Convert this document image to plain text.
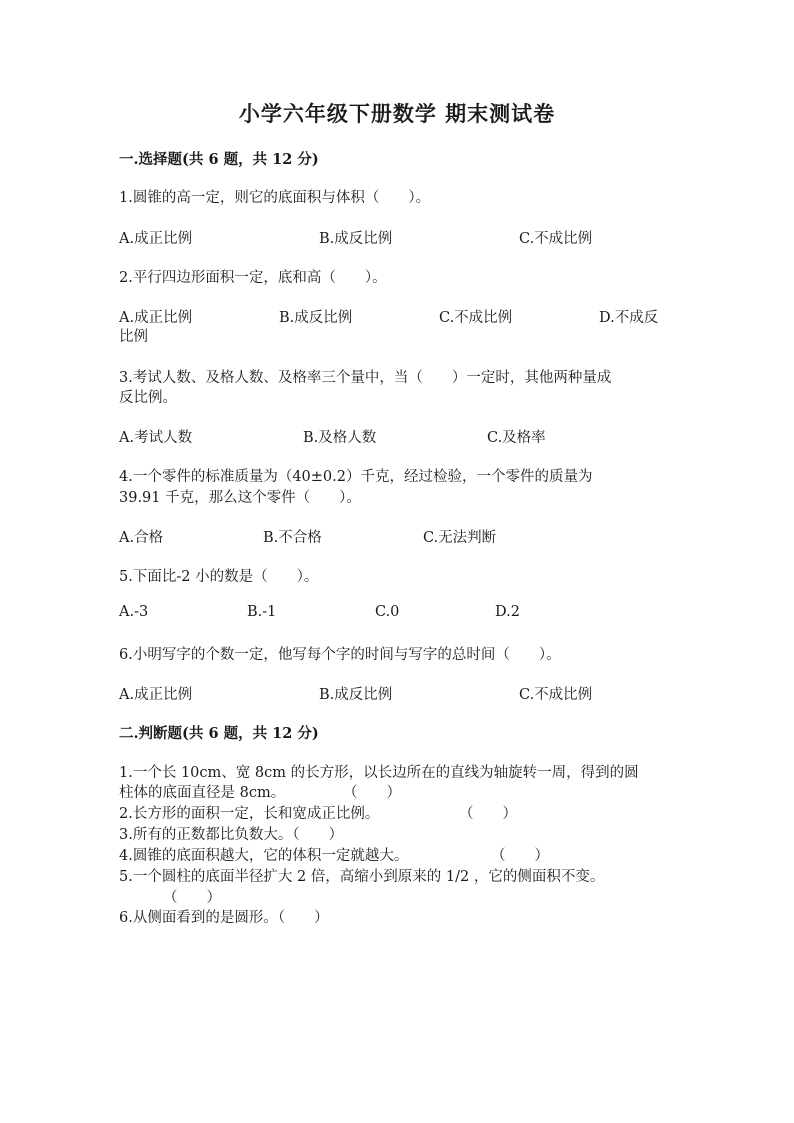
小学六年级下册数学 期末测试卷
一.选择题(共 6 题，共 12 分)
1.圆锥的高一定，则它的底面积与体积（　　）。
A.成正比例	B.成反比例	C.不成比例
2.平行四边形面积一定，底和高（　　）。
A.成正比例	B.成反比例	C.不成比例	D.不成反
比例
3.考试人数、及格人数、及格率三个量中，当（　　）一定时，其他两种量成
反比例。
A.考试人数	B.及格人数	C.及格率
4.一个零件的标准质量为（40±0.2）千克，经过检验，一个零件的质量为
39.91 千克，那么这个零件（　　）。
A.合格	B.不合格	C.无法判断
5.下面比-2 小的数是（　　）。
A.-3	B.-1	C.0	D.2
6.小明写字的个数一定，他写每个字的时间与写字的总时间（　　）。
A.成正比例	B.成反比例	C.不成比例
二.判断题(共 6 题，共 12 分)
1.一个长 10cm、宽 8cm 的长方形，以长边所在的直线为轴旋转一周，得到的圆
柱体的底面直径是 8cm。	（　　）
2.长方形的面积一定，长和宽成正比例。	（　　）
3.所有的正数都比负数大。（　　）
4.圆锥的底面积越大，它的体积一定就越大。	（　　）
5.一个圆柱的底面半径扩大 2 倍，高缩小到原来的 1/2 ，它的侧面积不变。
（　　）
6.从侧面看到的是圆形。（　　）
